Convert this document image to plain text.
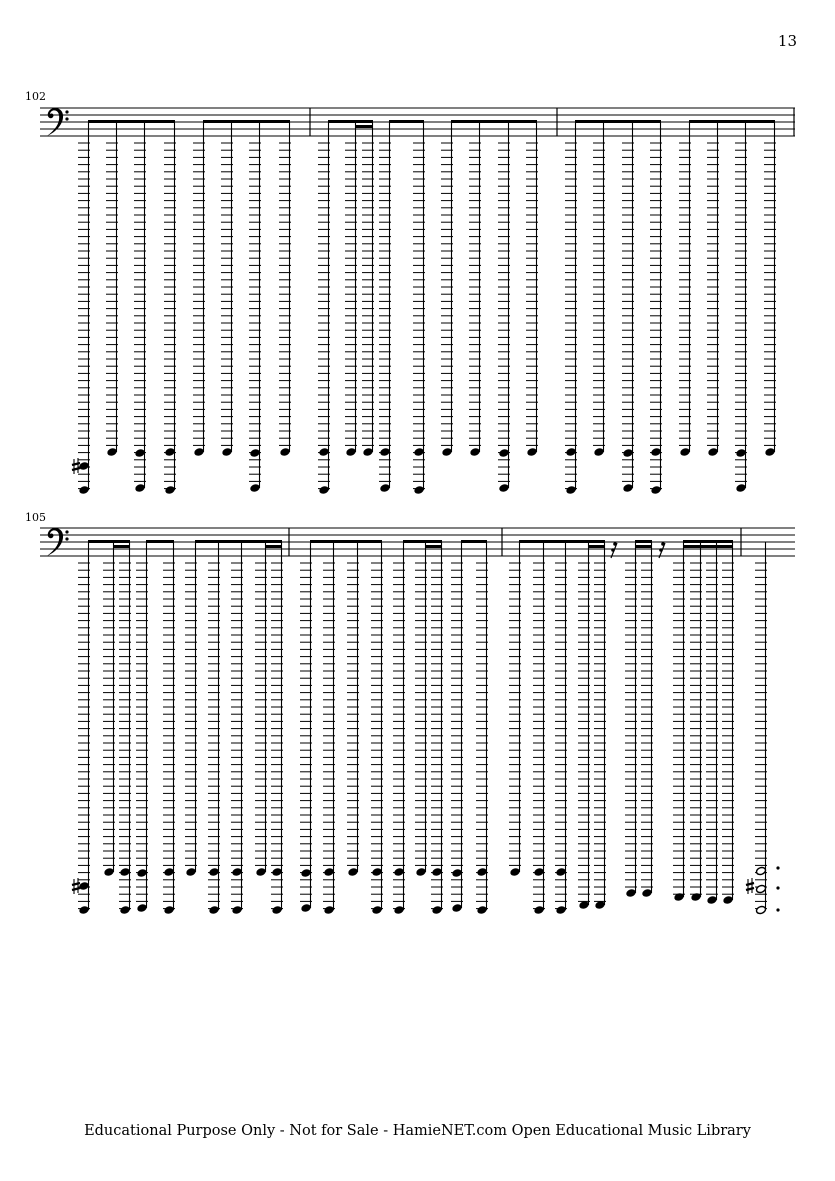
13
102
105
Educational Purpose Only - Not for Sale - HamieNET.com Open Educational Music Library
